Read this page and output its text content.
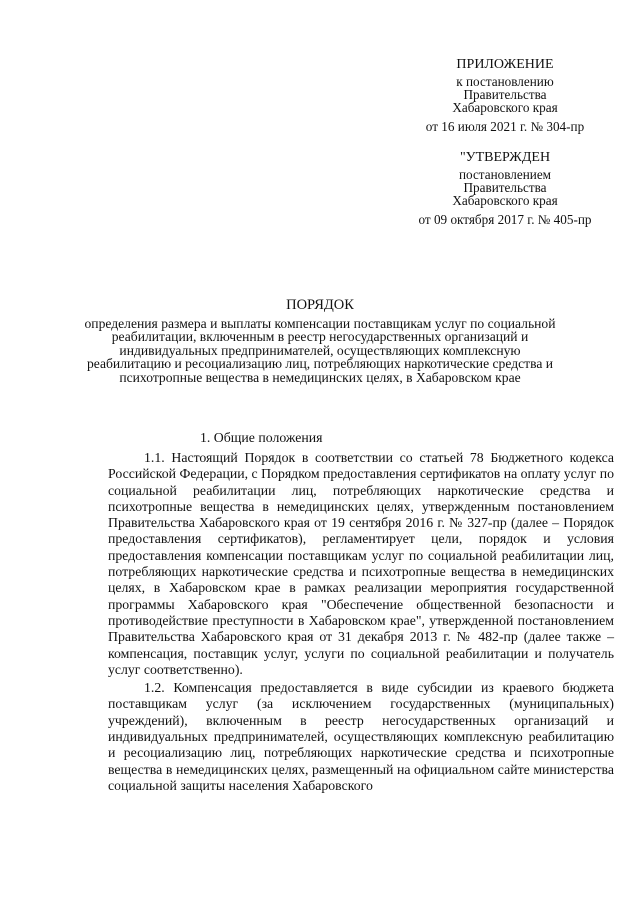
ПРИЛОЖЕНИЕ
к постановлению
Правительства
Хабаровского края
от 16 июля 2021 г. № 304-пр
"УТВЕРЖДЕН
постановлением
Правительства
Хабаровского края
от 09 октября 2017 г. № 405-пр
ПОРЯДОК
определения размера и выплаты компенсации поставщикам услуг по социальной реабилитации, включенным в реестр негосударственных организаций и индивидуальных предпринимателей, осуществляющих комплексную реабилитацию и ресоциализацию лиц, потребляющих наркотические средства и психотропные вещества в немедицинских целях, в Хабаровском крае
1. Общие положения

1.1. Настоящий Порядок в соответствии со статьей 78 Бюджетного кодекса Российской Федерации, с Порядком предоставления сертификатов на оплату услуг по социальной реабилитации лиц, потребляющих наркотические средства и психотропные вещества в немедицинских целях, утвержденным постановлением Правительства Хабаровского края от 19 сентября 2016 г. № 327-пр (далее – Порядок предоставления сертификатов), регламентирует цели, порядок и условия предоставления компенсации поставщикам услуг по социальной реабилитации лиц, потребляющих наркотические средства и психотропные вещества в немедицинских целях, в Хабаровском крае в рамках реализации мероприятия государственной программы Хабаровского края "Обеспечение общественной безопасности и противодействие преступности в Хабаровском крае", утвержденной постановлением Правительства Хабаровского края от 31 декабря 2013 г. № 482-пр (далее также – компенсация, поставщик услуг, услуги по социальной реабилитации и получатель услуг соответственно).

1.2. Компенсация предоставляется в виде субсидии из краевого бюджета поставщикам услуг (за исключением государственных (муниципальных) учреждений), включенным в реестр негосударственных организаций и индивидуальных предпринимателей, осуществляющих комплексную реабилитацию и ресоциализацию лиц, потребляющих наркотические средства и психотропные вещества в немедицинских целях, размещенный на официальном сайте министерства социальной защиты населения Хабаровского
